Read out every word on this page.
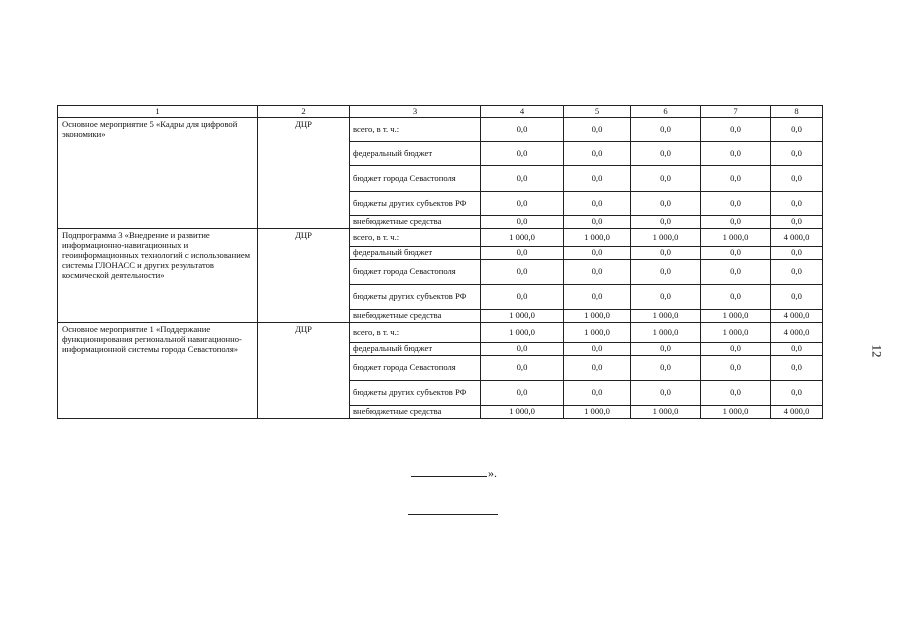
1	2	3	4	5	6	7	8
Основное мероприятие 5 «Кадры для цифровой экономики»	ДЦР	всего, в т. ч.:	0,0	0,0	0,0	0,0	0,0
		федеральный бюджет	0,0	0,0	0,0	0,0	0,0
		бюджет города Севастополя	0,0	0,0	0,0	0,0	0,0
		бюджеты других субъектов РФ	0,0	0,0	0,0	0,0	0,0
		внебюджетные средства	0,0	0,0	0,0	0,0	0,0
Подпрограмма 3 «Внедрение и развитие информационно-навигационных и геоинформационных технологий с использованием системы ГЛОНАСС и других результатов космической деятельности»	ДЦР	всего, в т. ч.:	1 000,0	1 000,0	1 000,0	1 000,0	4 000,0
		федеральный бюджет	0,0	0,0	0,0	0,0	0,0
		бюджет города Севастополя	0,0	0,0	0,0	0,0	0,0
		бюджеты других субъектов РФ	0,0	0,0	0,0	0,0	0,0
		внебюджетные средства	1 000,0	1 000,0	1 000,0	1 000,0	4 000,0
Основное мероприятие 1 «Поддержание функционирования региональной навигационно-информационной системы города Севастополя»	ДЦР	всего, в т. ч.:	1 000,0	1 000,0	1 000,0	1 000,0	4 000,0
		федеральный бюджет	0,0	0,0	0,0	0,0	0,0
		бюджет города Севастополя	0,0	0,0	0,0	0,0	0,0
		бюджеты других субъектов РФ	0,0	0,0	0,0	0,0	0,0
		внебюджетные средства	1 000,0	1 000,0	1 000,0	1 000,0	4 000,0
».
12
